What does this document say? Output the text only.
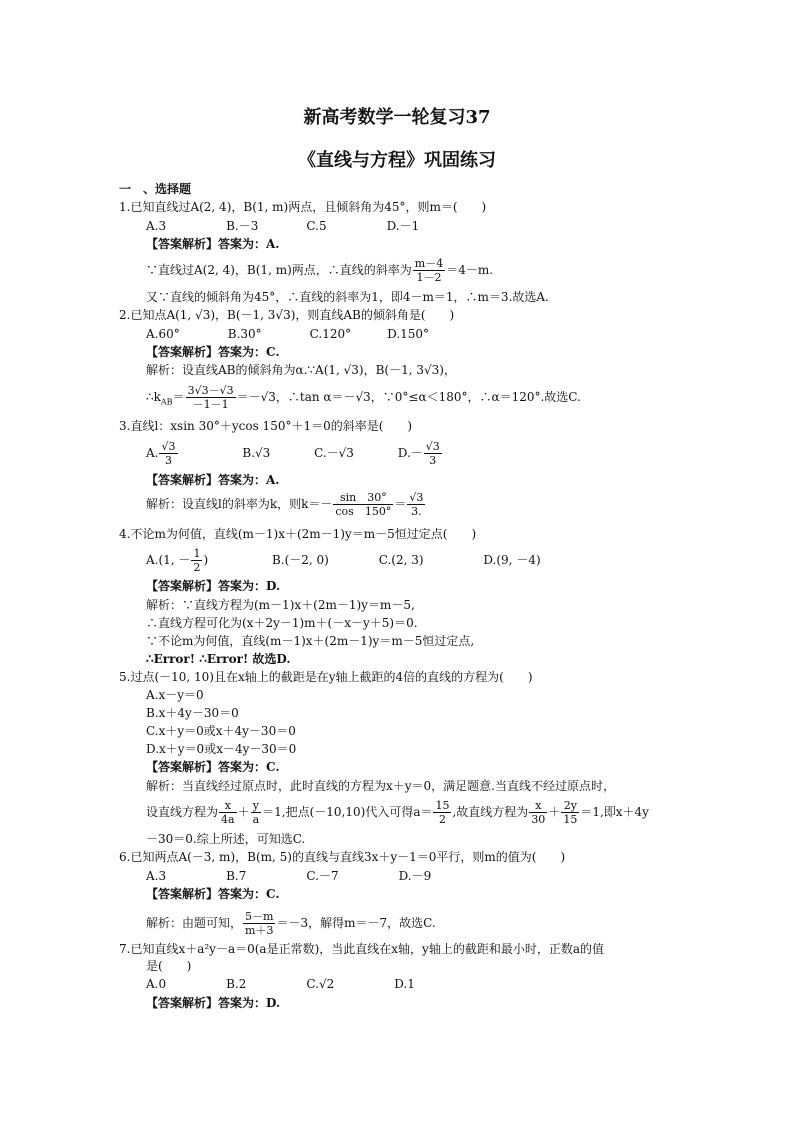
新高考数学一轮复习37
《直线与方程》巩固练习
一　、选择题
1.已知直线过A(2, 4)，B(1, m)两点，且倾斜角为45°，则m＝(　　)
A.3　　　　　B.－3　　　　C.5　　　　　D.－1
【答案解析】答案为：A.
∵直线过A(2, 4)，B(1, m)两点，∴直线的斜率为 $\frac{m-4}{1-2} =4-m$.
又∵直线的倾斜角为45°，∴直线的斜率为1，即4－m＝1，∴m＝3.故选A.
2.已知点A(1, √3)，B(－1, 3√3)，则直线AB的倾斜角是(　　)
A.60°　　　　B.30°　　　　C.120°　　　D.150°
【答案解析】答案为：C.
解析：设直线AB的倾斜角为α.∵A(1, √3)，B(－1, 3√3)，
$\therefore k_{AB}= \frac{3√3-√3}{-1-1} =-√3$，∴tan α＝－√3，∵0°≤α＜180°，∴α＝120°.故选C.
3.直线l：xsin 30°＋ycos 150°＋1＝0的斜率是(　　)
A. $\frac{√3}{3}$	B.√3	C.－√3	$D.- \frac{√3}{3}$
【答案解析】答案为：A.
解析：设直线l的斜率为k，则$k=- \frac{\sin 30^\circ}{\cos 150^\circ} = \frac{√3}{3.}$
4.不论m为何值，直线(m－1)x＋(2m－1)y＝m－5恒过定点(　　)
A.(1, － $\frac{1}{2}$ )	B.(－2, 0)	C.(2, 3)	D.(9, －4)
【答案解析】答案为：D.
解析：∵直线方程为(m－1)x＋(2m－1)y＝m－5,
∴直线方程可化为(x＋2y－1)m＋(－x－y＋5)＝0.
∵不论m为何值，直线(m－1)x＋(2m－1)y＝m－5恒过定点,
∴Error! ∴Error! 故选D.
5.过点(－10, 10)且在x轴上的截距是在y轴上截距的4倍的直线的方程为(　　)
A.x－y＝0
B.x＋4y－30＝0
C.x＋y＝0或x＋4y－30＝0
D.x＋y＝0或x－4y－30＝0
【答案解析】答案为：C.
解析：当直线经过原点时，此时直线的方程为x＋y＝0，满足题意.当直线不经过原点时，
设直线方程为 $\frac{x}{4a} + \frac{y}{a} =1$,把点(－10,10)代入可得$a= \frac{15}{2}$ ,故直线方程为 $\frac{x}{30} + \frac{2y}{15} =1$,即x＋4y
－30＝0.综上所述，可知选C.
6.已知两点A(－3, m)，B(m, 5)的直线与直线3x＋y－1＝0平行，则m的值为(　　)
A.3　　　　　B.7　　　　　C.－7　　　　　D.－9
【答案解析】答案为：C.
解析：由题可知， $\frac{5-m}{m+3} =-3$，解得m＝－7，故选C.
7.已知直线x＋a²y－a＝0(a是正常数)，当此直线在x轴，y轴上的截距和最小时，正数a的值
是(　　)
A.0　　　　　B.2　　　　　C.√2　　　　　D.1
【答案解析】答案为：D.
